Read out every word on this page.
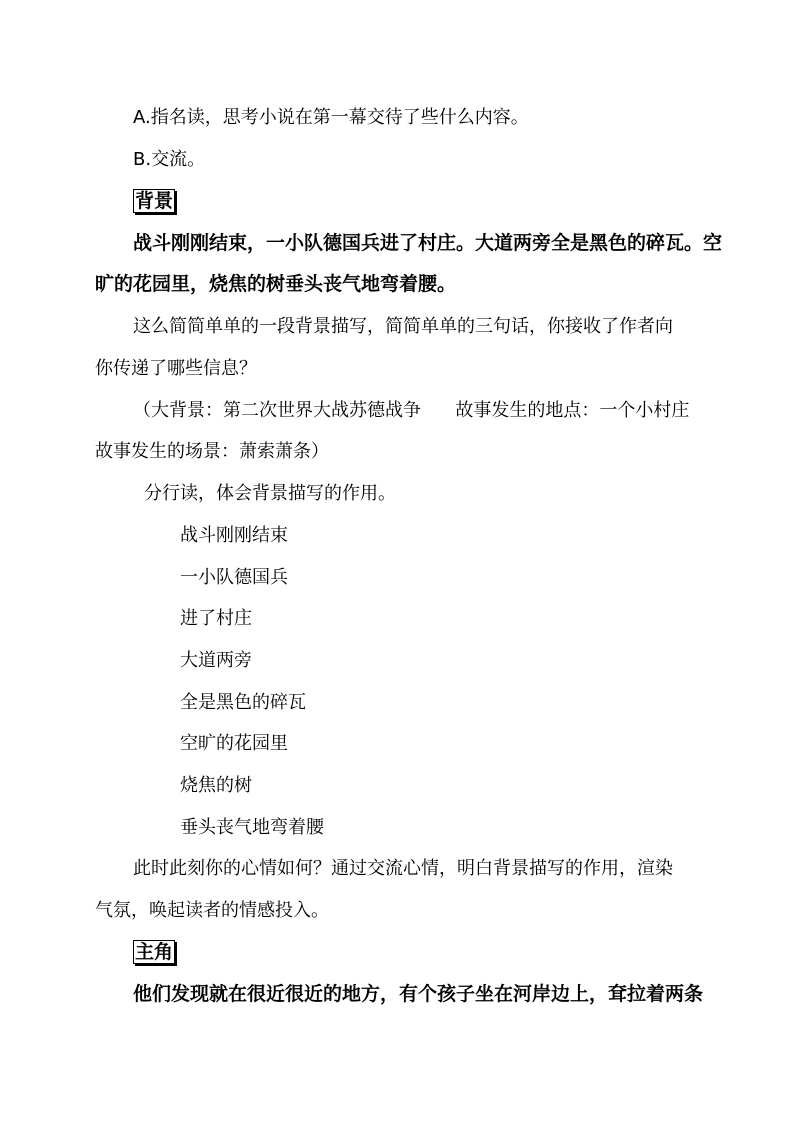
A.指名读，思考小说在第一幕交待了些什么内容。
B.交流。
背景
战斗刚刚结束，一小队德国兵进了村庄。大道两旁全是黑色的碎瓦。空
旷的花园里，烧焦的树垂头丧气地弯着腰。
这么简简单单的一段背景描写，简简单单的三句话，你接收了作者向
你传递了哪些信息？
（大背景：第二次世界大战苏德战争      故事发生的地点：一个小村庄
故事发生的场景：萧索萧条）
分行读，体会背景描写的作用。
战斗刚刚结束
一小队德国兵
进了村庄
大道两旁
全是黑色的碎瓦
空旷的花园里
烧焦的树
垂头丧气地弯着腰
此时此刻你的心情如何？通过交流心情，明白背景描写的作用，渲染
气氛，唤起读者的情感投入。
主角
他们发现就在很近很近的地方，有个孩子坐在河岸边上，耷拉着两条
